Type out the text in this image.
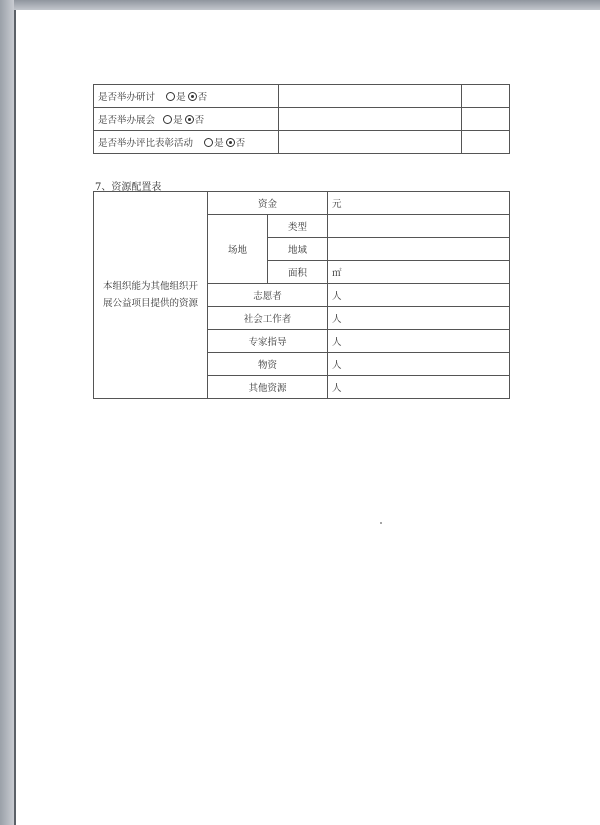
是否举办研讨 是 否		
是否举办展会 是 否		
是否举办评比表彰活动 是 否		
7、资源配置表
本组织能为其他组织开展公益项目提供的资源	资金		元
	场地	类型	
		地域	
		面积	㎡
	志愿者		人
	社会工作者		人
	专家指导		人
	物资		人
	其他资源		人
